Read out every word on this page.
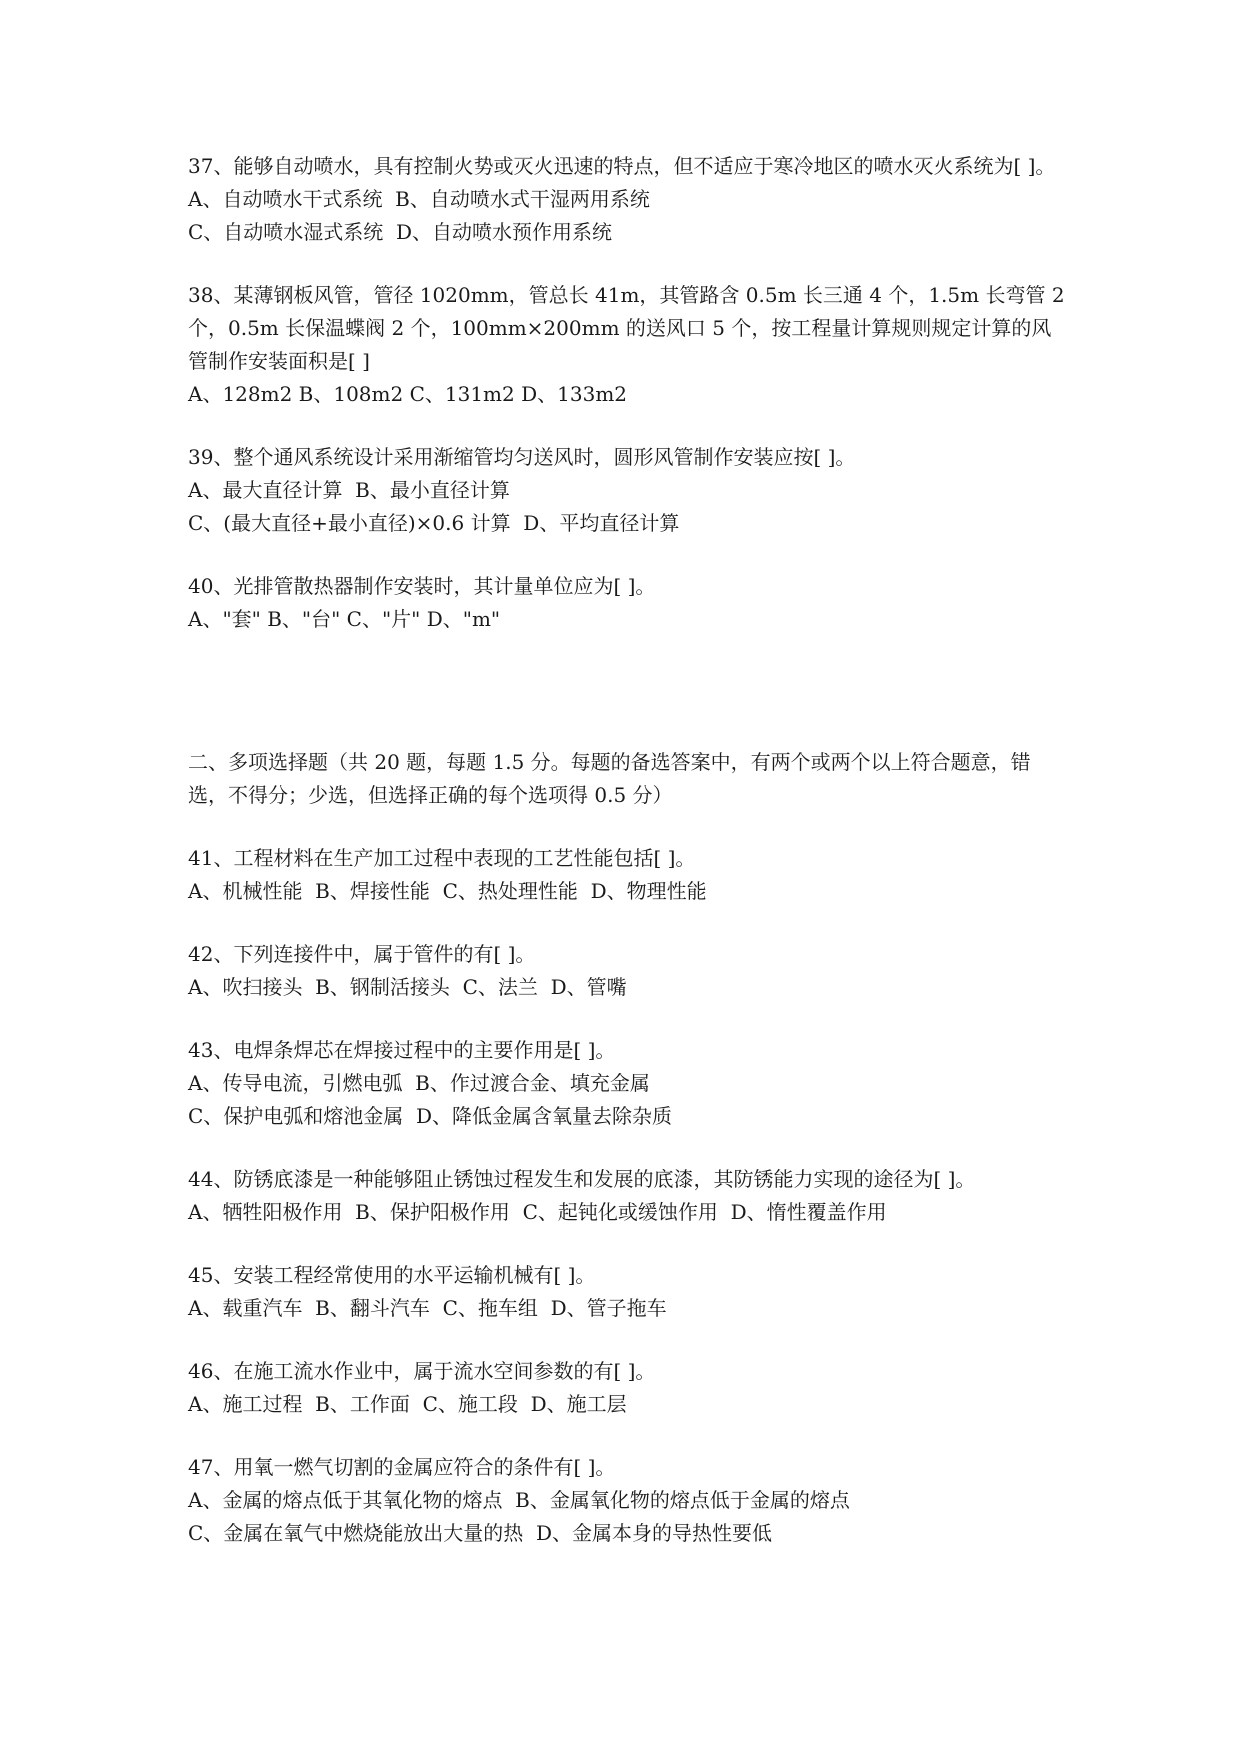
37、能够自动喷水，具有控制火势或灭火迅速的特点，但不适应于寒冷地区的喷水灭火系统为[ ]。

A、自动喷水干式系统  B、自动喷水式干湿两用系统

C、自动喷水湿式系统  D、自动喷水预作用系统

38、某薄钢板风管，管径 1020mm，管总长 41m，其管路含 0.5m 长三通 4 个，1.5m 长弯管 2 个，0.5m 长保温蝶阀 2 个，100mm×200mm 的送风口 5 个，按工程量计算规则规定计算的风管制作安装面积是[ ]

A、128m2 B、108m2 C、131m2 D、133m2

39、整个通风系统设计采用渐缩管均匀送风时，圆形风管制作安装应按[ ]。

A、最大直径计算  B、最小直径计算

C、(最大直径+最小直径)×0.6 计算  D、平均直径计算

40、光排管散热器制作安装时，其计量单位应为[ ]。

A、"套" B、"台" C、"片" D、"m"

二、多项选择题（共 20 题，每题 1.5 分。每题的备选答案中，有两个或两个以上符合题意，错选，不得分；少选，但选择正确的每个选项得 0.5 分）

41、工程材料在生产加工过程中表现的工艺性能包括[ ]。

A、机械性能  B、焊接性能  C、热处理性能  D、物理性能

42、下列连接件中，属于管件的有[ ]。

A、吹扫接头  B、钢制活接头  C、法兰  D、管嘴

43、电焊条焊芯在焊接过程中的主要作用是[ ]。

A、传导电流，引燃电弧  B、作过渡合金、填充金属

C、保护电弧和熔池金属  D、降低金属含氧量去除杂质

44、防锈底漆是一种能够阻止锈蚀过程发生和发展的底漆，其防锈能力实现的途径为[ ]。

A、牺牲阳极作用  B、保护阳极作用  C、起钝化或缓蚀作用  D、惰性覆盖作用

45、安装工程经常使用的水平运输机械有[ ]。

A、载重汽车  B、翻斗汽车  C、拖车组  D、管子拖车

46、在施工流水作业中，属于流水空间参数的有[ ]。

A、施工过程  B、工作面  C、施工段  D、施工层

47、用氧一燃气切割的金属应符合的条件有[ ]。

A、金属的熔点低于其氧化物的熔点  B、金属氧化物的熔点低于金属的熔点

C、金属在氧气中燃烧能放出大量的热  D、金属本身的导热性要低
